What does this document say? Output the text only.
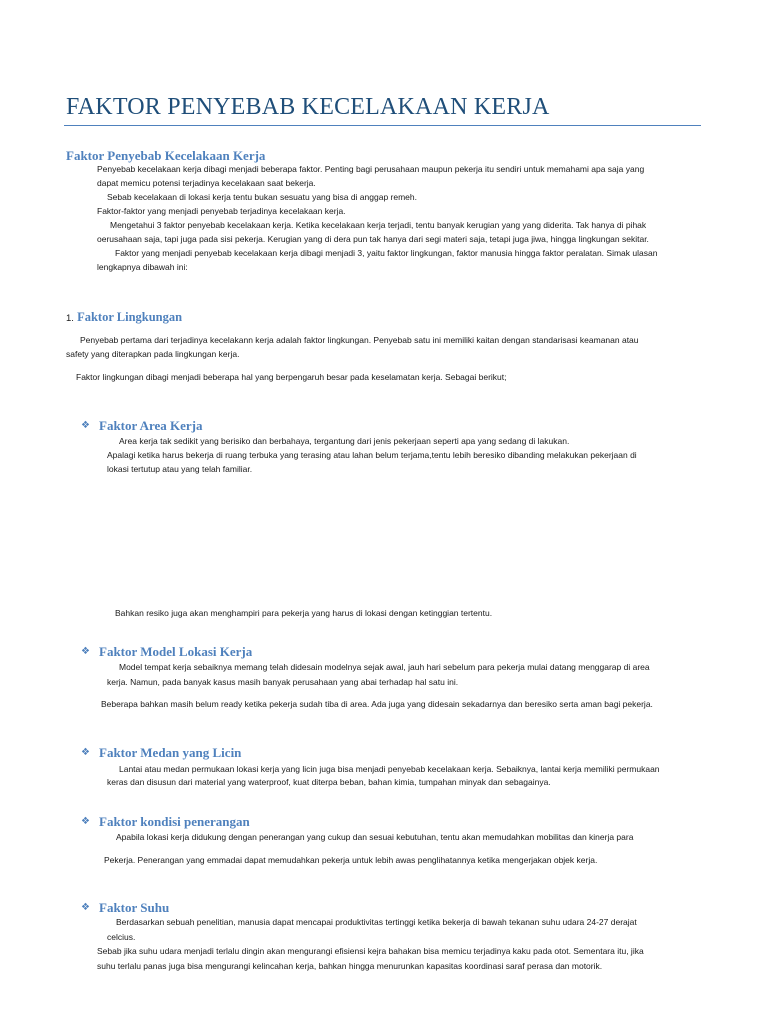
FAKTOR PENYEBAB KECELAKAAN KERJA
Faktor Penyebab Kecelakaan Kerja
Penyebab kecelakaan kerja dibagi menjadi beberapa faktor. Penting bagi perusahaan maupun pekerja itu sendiri untuk memahami apa saja yang
dapat memicu potensi terjadinya kecelakaan saat bekerja.
Sebab kecelakaan di lokasi kerja tentu bukan sesuatu yang bisa di anggap remeh.
Faktor-faktor yang menjadi penyebab terjadinya kecelakaan kerja.
Mengetahui 3 faktor penyebab kecelakaan kerja. Ketika kecelakaan kerja terjadi, tentu banyak kerugian yang yang diderita. Tak hanya di pihak
oerusahaan saja, tapi juga pada sisi pekerja. Kerugian yang di dera pun tak hanya dari segi materi saja, tetapi juga jiwa, hingga lingkungan sekitar.
Faktor yang menjadi penyebab kecelakaan kerja dibagi menjadi 3, yaitu faktor lingkungan, faktor manusia hingga faktor peralatan. Simak ulasan
lengkapnya dibawah ini:
1. Faktor Lingkungan
Penyebab pertama dari terjadinya kecelakann kerja adalah faktor lingkungan. Penyebab satu ini memiliki kaitan dengan standarisasi keamanan atau
safety yang diterapkan pada lingkungan kerja.
Faktor lingkungan dibagi menjadi beberapa hal yang berpengaruh besar pada keselamatan kerja. Sebagai berikut;
❖ Faktor Area Kerja
Area kerja tak sedikit yang berisiko dan berbahaya, tergantung dari jenis pekerjaan seperti apa yang sedang di lakukan.
Apalagi ketika harus bekerja di ruang terbuka yang terasing atau lahan belum terjama,tentu lebih beresiko dibanding melakukan pekerjaan di
lokasi tertutup atau yang telah familiar.
Bahkan resiko juga akan menghampiri para pekerja yang harus di lokasi dengan ketinggian tertentu.
❖ Faktor Model Lokasi Kerja
Model tempat kerja sebaiknya memang telah didesain modelnya sejak awal, jauh hari sebelum para pekerja mulai datang menggarap di area
kerja. Namun, pada banyak kasus masih banyak perusahaan yang abai terhadap hal satu ini.
Beberapa bahkan masih belum ready ketika pekerja sudah tiba di area. Ada juga yang didesain sekadarnya dan beresiko serta aman bagi pekerja.
❖ Faktor Medan yang Licin
Lantai atau medan permukaan lokasi kerja yang licin juga bisa menjadi penyebab kecelakaan kerja. Sebaiknya, lantai kerja memiliki permukaan
keras dan disusun dari material yang waterproof, kuat diterpa beban, bahan kimia, tumpahan minyak dan sebagainya.
❖ Faktor kondisi penerangan
Apabila lokasi kerja didukung dengan penerangan yang cukup dan sesuai kebutuhan, tentu akan memudahkan mobilitas dan kinerja para
Pekerja. Penerangan yang emmadai dapat memudahkan pekerja untuk lebih awas penglihatannya ketika mengerjakan objek kerja.
❖ Faktor Suhu
Berdasarkan sebuah penelitian, manusia dapat mencapai produktivitas tertinggi ketika bekerja di bawah tekanan suhu udara 24-27 derajat
celcius.
Sebab jika suhu udara menjadi terlalu dingin akan mengurangi efisiensi kejra bahakan bisa memicu terjadinya kaku pada otot. Sementara itu, jika
suhu terlalu panas juga bisa mengurangi kelincahan kerja, bahkan hingga menurunkan kapasitas koordinasi saraf perasa dan motorik.
